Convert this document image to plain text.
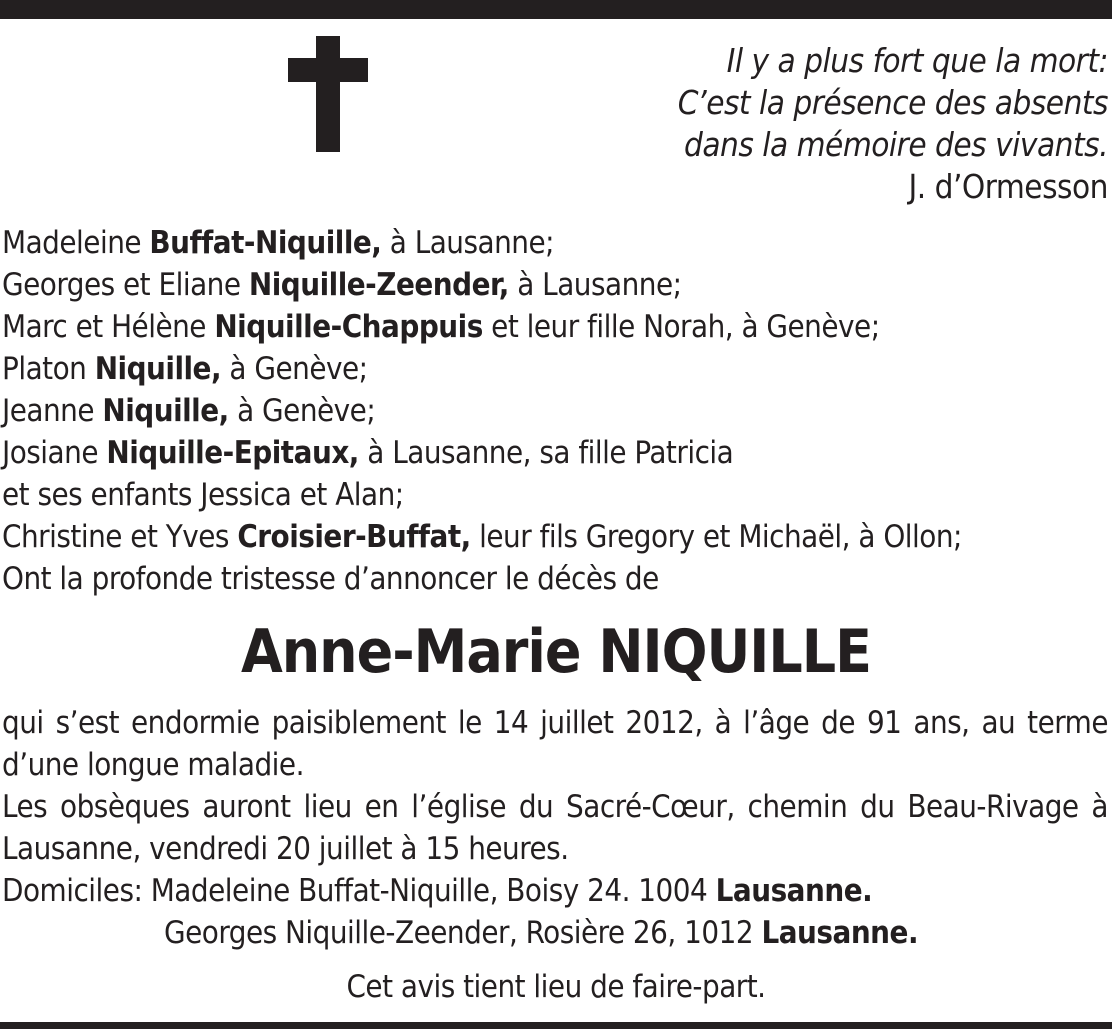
Il y a plus fort que la mort:
C’est la présence des absents
dans la mémoire des vivants.
J. d’Ormesson
Madeleine Buffat-Niquille, à Lausanne;
Georges et Eliane Niquille-Zeender, à Lausanne;
Marc et Hélène Niquille-Chappuis et leur fille Norah, à Genève;
Platon Niquille, à Genève;
Jeanne Niquille, à Genève;
Josiane Niquille-Epitaux, à Lausanne, sa fille Patricia
et ses enfants Jessica et Alan;
Christine et Yves Croisier-Buffat, leur fils Gregory et Michaël, à Ollon;
Ont la profonde tristesse d’annoncer le décès de
Anne-Marie NIQUILLE
qui s’est endormie paisiblement le 14 juillet 2012, à l’âge de 91 ans, au terme d’une longue maladie.
Les obsèques auront lieu en l’église du Sacré-Cœur, chemin du Beau-Rivage à Lausanne, vendredi 20 juillet à 15 heures.
Domiciles: Madeleine Buffat-Niquille, Boisy 24. 1004 Lausanne.
Georges Niquille-Zeender, Rosière 26, 1012 Lausanne.
Cet avis tient lieu de faire-part.
